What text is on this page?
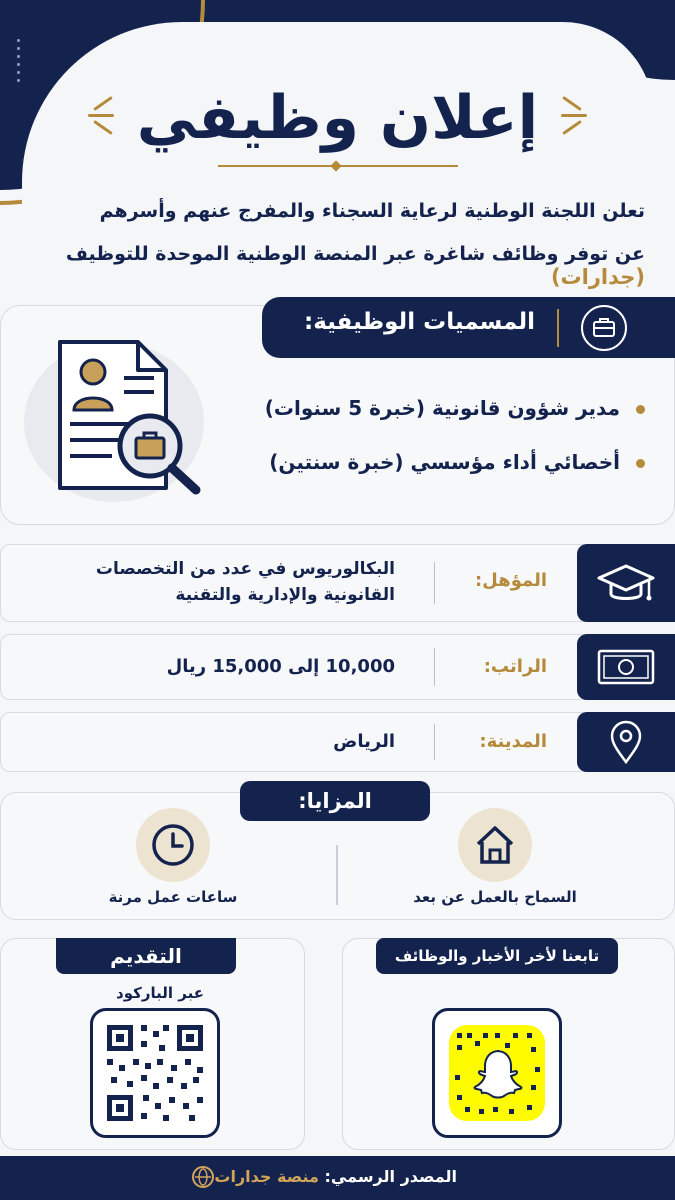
إعلان وظيفي
تعلن اللجنة الوطنية لرعاية السجناء والمفرج عنهم وأسرهم
عن توفر وظائف شاغرة عبر المنصة الوطنية الموحدة للتوظيف (جدارات)
المسميات الوظيفية:
مدير شؤون قانونية (خبرة 5 سنوات)
أخصائي أداء مؤسسي (خبرة سنتين)
المؤهل:
البكالوريوس في عدد من التخصصات
القانونية والإدارية والتقنية
الراتب:
10,000 إلى 15,000 ريال
المدينة:
الرياض
المزايا:
السماح بالعمل عن بعد
ساعات عمل مرنة
تابعنا لأخر الأخبار والوظائف
التقديم
عبر الباركود
المصدر الرسمي: منصة جدارات
